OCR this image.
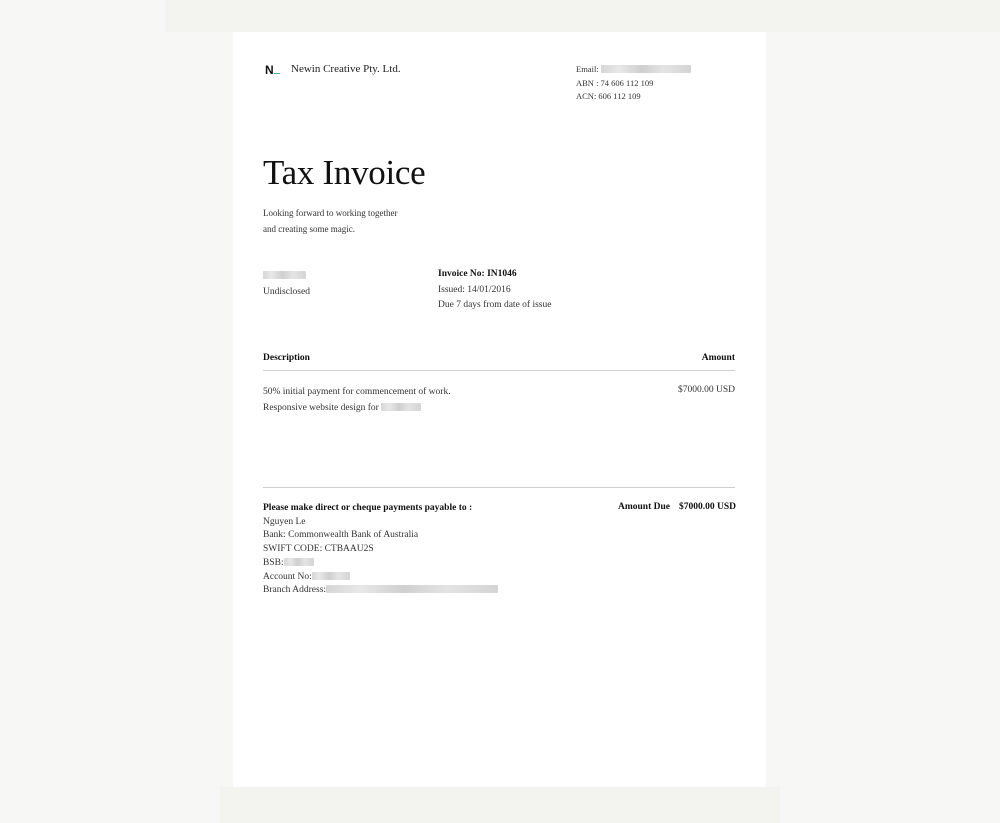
N	Newin Creative Pty. Ltd.	Email:
ABN : 74 606 112 109
ACN: 606 112 109
Tax Invoice
Looking forward to working together
and creating some magic.
Undisclosed
Invoice No: IN1046
Issued: 14/01/2016
Due 7 days from date of issue
Description	Amount
50% initial payment for commencement of work.
Responsive website design for
$7000.00 USD
Please make direct or cheque payments payable to :
Nguyen Le
Bank: Commonwealth Bank of Australia
SWIFT CODE: CTBAAU2S
BSB:
Account No:
Branch Address:
Amount Due $7000.00 USD
